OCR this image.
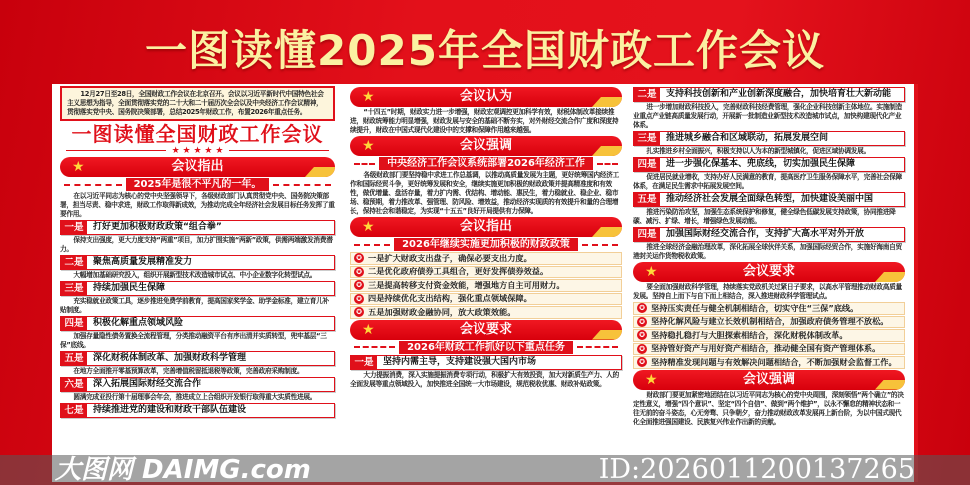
一图读懂2025年全国财政工作会议
12月27日至28日，全国财政工作会议在北京召开。会议以习近平新时代中国特色社会主义思想为指导，全面贯彻落实党的二十大和二十届历次全会以及中央经济工作会议精神，贯彻落实党中央、国务院决策部署，总结2025年财政工作，布置2026年重点任务。
一图读懂全国财政工作会议
★ ★ ★ ★ ★
★	会议指出
2025年是很不平凡的一年。
在以习近平同志为核心的党中央坚强领导下，各级财政部门认真贯彻党中央、国务院决策部署，担当尽责、稳中求进，财政工作取得新成效，为推动完成全年经济社会发展目标任务发挥了重要作用。
一是	打好更加积极财政政策“组合拳”
保持支出强度，更大力度支持“两重”项目，加力扩围实施“两新”政策，供需两端激发消费潜力。
二是	聚焦高质量发展精准发力
大幅增加基础研究投入，组织开展新型技术改造城市试点、中小企业数字化转型试点。
三是	持续加强民生保障
充实稳就业政策工具，逐步推进免费学前教育，提高国家奖学金、助学金标准，建立育儿补贴制度。
四是	积极化解重点领域风险
加强存量隐性债务置换全流程管理，分类推动融资平台有序出清并实质转型，兜牢基层“三保”底线。
五是	深化财税体制改革、加强财政科学管理
在地方全面推开零基预算改革，完善增值税留抵退税等政策，完善政府采购制度。
六是	深入拓展国际财经交流合作
圆满完成亚投行第十届理事会年会，推进成立上合组织开发银行取得重大实质性进展。
七是	持续推进党的建设和财政干部队伍建设
★	会议认为
“十四五”时期，财政实力进一步增强，财政宏观调控更加科学有效，财税体制改革接续推进，财政统筹能力明显增强，财政发展与安全的基础不断夯实，对外财经交流合作广度和深度持续提升，财政在中国式现代化建设中的支撑和保障作用越来越强。
★	会议强调
中央经济工作会议系统部署2026年经济工作
各级财政部门要坚持稳中求进工作总基调，以推动高质量发展为主题，更好统筹国内经济工作和国际经贸斗争，更好统筹发展和安全，继续实施更加积极的财政政策并提高精准度和有效性，做优增量、盘活存量，着力扩内需、优结构、增动能、惠民生，着力稳就业、稳企业、稳市场、稳预期，着力推改革、强管理、防风险、增效益，推动经济实现质的有效提升和量的合理增长，保持社会和谐稳定，为实现“十五五”良好开局提供有力保障。
★	会议指出
2026年继续实施更加积极的财政政策
✪ 一是扩大财政支出盘子，确保必要支出力度。
✪ 二是优化政府债券工具组合，更好发挥债券效益。
✪ 三是提高转移支付资金效能，增强地方自主可用财力。
✪ 四是持续优化支出结构，强化重点领域保障。
✪ 五是加强财政金融协同，放大政策效能。
★	会议要求
2026年财政工作抓好以下重点任务
一是	坚持内需主导，支持建设强大国内市场
大力提振消费，深入实施提振消费专项行动，积极扩大有效投资，加大对新质生产力、人的全面发展等重点领域投入，加快推进全国统一大市场建设，规范税收优惠、财政补贴政策。
二是	支持科技创新和产业创新深度融合，加快培育壮大新动能
进一步增加财政科技投入，完善财政科技经费管理，强化企业科技创新主体地位。实施制造业重点产业链高质量发展行动，开展新一批制造业新型技术改造城市试点，加快构建现代化产业体系。
三是	推进城乡融合和区域联动，拓展发展空间
扎实推进乡村全面振兴，积极支持以人为本的新型城镇化，促进区域协调发展。
四是	进一步强化保基本、兜底线，切实加强民生保障
促进居民就业增收，支持办好人民满意的教育，提高医疗卫生服务保障水平，完善社会保障体系，在满足民生需求中拓展发展空间。
五是	推动经济社会发展全面绿色转型，加快建设美丽中国
推进污染防治攻坚，加强生态系统保护和修复，健全绿色低碳发展支持政策，协同推进降碳、减污、扩绿、增长，增强绿色发展动能。
四是	加强国际财经交流合作，支持扩大高水平对外开放
推进全球经济金融治理改革，深化拓展全球伙伴关系，加强国际经贸合作，实施好海南自贸港封关运作货物税收政策。
★	会议要求
要全面加强财政科学管理，持续落实党政机关过紧日子要求，以高水平管理推动财政高质量发展。坚持自上而下与自下而上相结合，深入推进财政科学管理试点。
✪ 坚持压实责任与健全机制相结合，切实守住“三保”底线。
✪ 坚持化解风险与建立长效机制相结合，加强政府债务管理不放松。
✪ 坚持稳扎稳打与大胆探索相结合，深化财税体制改革。
✪ 坚持管好资产与用好资产相结合，推动健全国有资产管理体系。
✪ 坚持精准发现问题与有效解决问题相结合，不断加强财会监督工作。
★	会议强调
财政部门要更加紧密地团结在以习近平同志为核心的党中央周围，深刻领悟“两个确立”的决定性意义，增强“四个意识”、坚定“四个自信”、做到“两个维护”，以永不懈怠的精神状态和一往无前的奋斗姿态，心无旁骛、只争朝夕，奋力推动财政改革发展再上新台阶，为以中国式现代化全面推进强国建设、民族复兴伟业作出新的贡献。
大图网 DAIMG.com	ID:20260112001372​65
